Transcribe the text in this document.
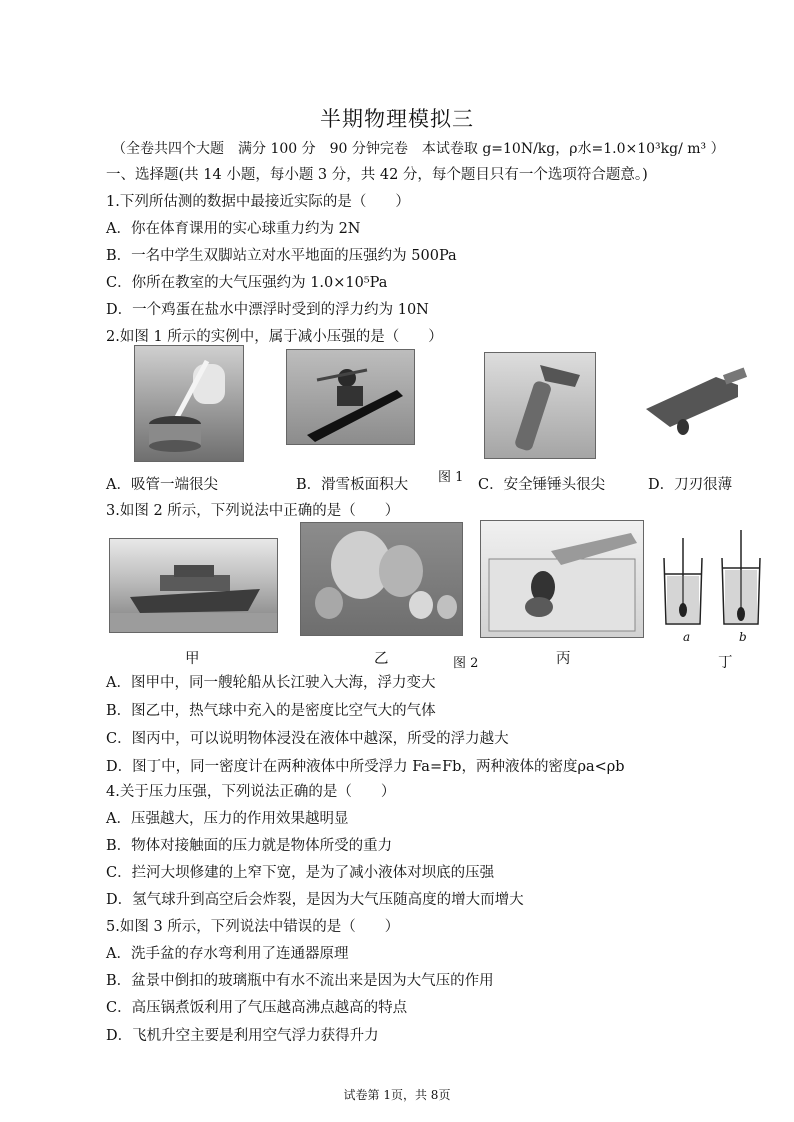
半期物理模拟三
（全卷共四个大题　满分 100 分　90 分钟完卷　本试卷取 g=10N/kg，ρ水=1.0×10³kg/ m³ ）
一、选择题(共 14 小题，每小题 3 分，共 42 分，每个题目只有一个选项符合题意。)
1.下列所估测的数据中最接近实际的是（　　）
A．你在体育课用的实心球重力约为 2N
B．一名中学生双脚站立对水平地面的压强约为 500Pa
C．你所在教室的大气压强约为 1.0×10⁵Pa
D．一个鸡蛋在盐水中漂浮时受到的浮力约为 10N
2.如图 1 所示的实例中，属于减小压强的是（　　）
A．吸管一端很尖	B．滑雪板面积大 图 1 C．安全锤锤头很尖	D．刀刃很薄
3.如图 2 所示，下列说法中正确的是（　　）
a	b
甲	乙	图 2	丙	丁
A．图甲中，同一艘轮船从长江驶入大海，浮力变大
B．图乙中，热气球中充入的是密度比空气大的气体
C．图丙中，可以说明物体浸没在液体中越深，所受的浮力越大
D．图丁中，同一密度计在两种液体中所受浮力 Fa=Fb，两种液体的密度ρa<ρb
4.关于压力压强，下列说法正确的是（　　）
A．压强越大，压力的作用效果越明显
B．物体对接触面的压力就是物体所受的重力
C．拦河大坝修建的上窄下宽，是为了减小液体对坝底的压强
D．氢气球升到高空后会炸裂，是因为大气压随高度的增大而增大
5.如图 3 所示，下列说法中错误的是（　　）
A．洗手盆的存水弯利用了连通器原理
B．盆景中倒扣的玻璃瓶中有水不流出来是因为大气压的作用
C．高压锅煮饭利用了气压越高沸点越高的特点
D．飞机升空主要是利用空气浮力获得升力
试卷第 1页，共 8页
